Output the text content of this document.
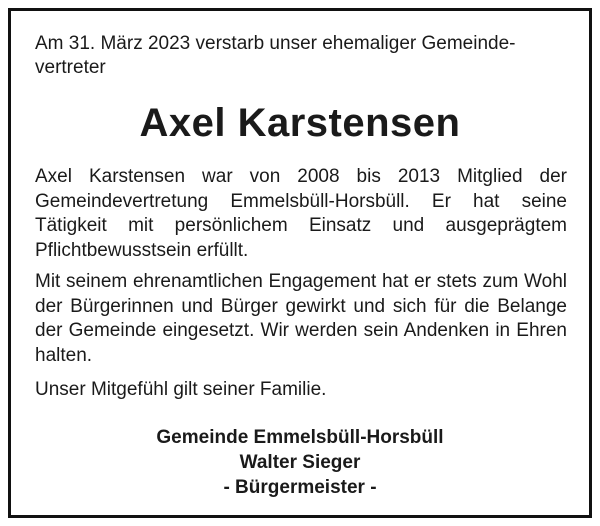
Am 31. März 2023 verstarb unser ehemaliger Gemeinde-
vertreter

Axel Karstensen

Axel Karstensen war von 2008 bis 2013 Mitglied der Gemeindevertretung Emmelsbüll-Horsbüll. Er hat seine Tätigkeit mit persönlichem Einsatz und ausgeprägtem Pflichtbewusstsein erfüllt.

Mit seinem ehrenamtlichen Engagement hat er stets zum Wohl der Bürgerinnen und Bürger gewirkt und sich für die Belange der Gemeinde eingesetzt. Wir werden sein Andenken in Ehren halten.

Unser Mitgefühl gilt seiner Familie.

Gemeinde Emmelsbüll-Horsbüll
Walter Sieger
- Bürgermeister -
